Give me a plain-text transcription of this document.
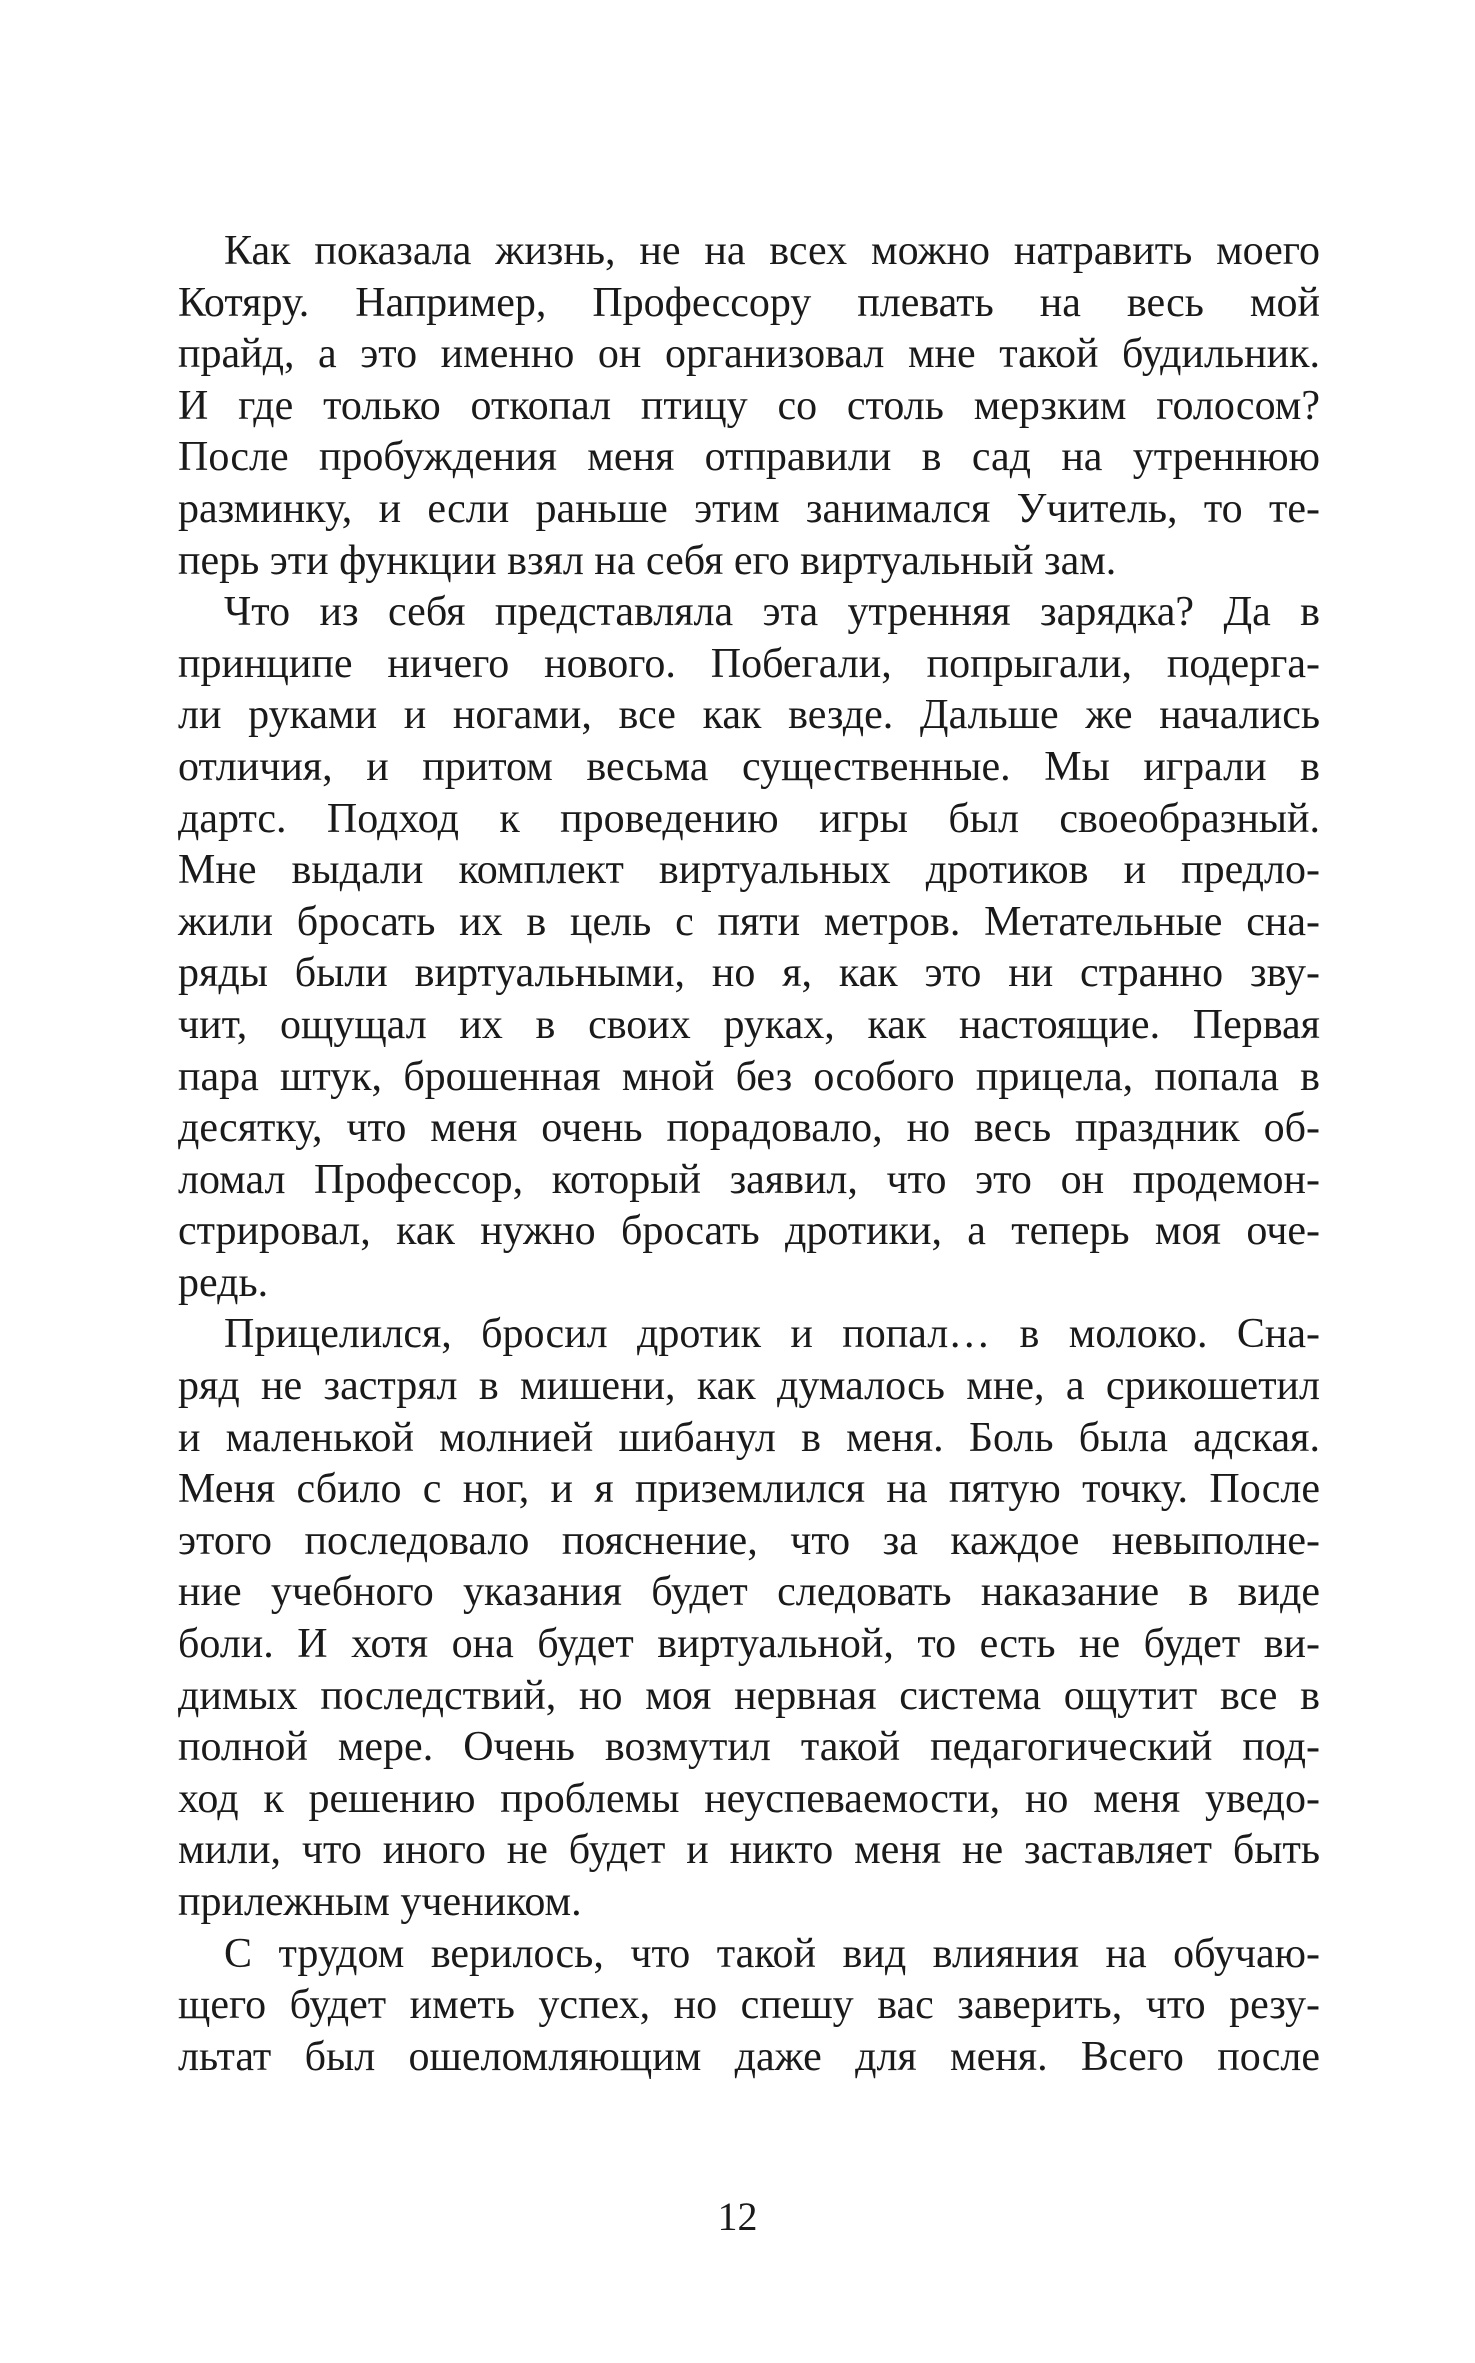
Как показала жизнь, не на всех можно натравить моего
Котяру. Например, Профессору плевать на весь мой
прайд, а это именно он организовал мне такой будильник.
И где только откопал птицу со столь мерзким голосом?
После пробуждения меня отправили в сад на утреннюю
разминку, и если раньше этим занимался Учитель, то те-
перь эти функции взял на себя его виртуальный зам.
Что из себя представляла эта утренняя зарядка? Да в
принципе ничего нового. Побегали, попрыгали, подерга-
ли руками и ногами, все как везде. Дальше же начались
отличия, и притом весьма существенные. Мы играли в
дартс. Подход к проведению игры был своеобразный.
Мне выдали комплект виртуальных дротиков и предло-
жили бросать их в цель с пяти метров. Метательные сна-
ряды были виртуальными, но я, как это ни странно зву-
чит, ощущал их в своих руках, как настоящие. Первая
пара штук, брошенная мной без особого прицела, попала в
десятку, что меня очень порадовало, но весь праздник об-
ломал Профессор, который заявил, что это он продемон-
стрировал, как нужно бросать дротики, а теперь моя оче-
редь.
Прицелился, бросил дротик и попал… в молоко. Сна-
ряд не застрял в мишени, как думалось мне, а срикошетил
и маленькой молнией шибанул в меня. Боль была адская.
Меня сбило с ног, и я приземлился на пятую точку. После
этого последовало пояснение, что за каждое невыполне-
ние учебного указания будет следовать наказание в виде
боли. И хотя она будет виртуальной, то есть не будет ви-
димых последствий, но моя нервная система ощутит все в
полной мере. Очень возмутил такой педагогический под-
ход к решению проблемы неуспеваемости, но меня уведо-
мили, что иного не будет и никто меня не заставляет быть
прилежным учеником.
С трудом верилось, что такой вид влияния на обучаю-
щего будет иметь успех, но спешу вас заверить, что резу-
льтат был ошеломляющим даже для меня. Всего после
12
